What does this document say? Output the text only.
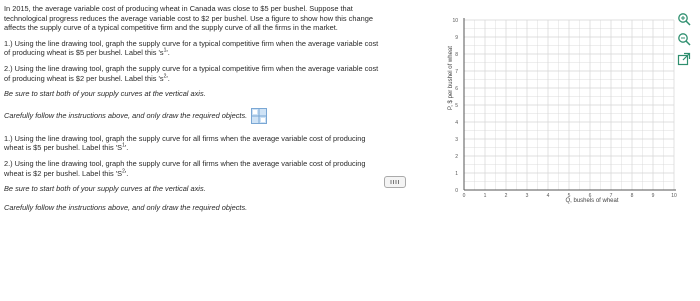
In 2015, the average variable cost of producing wheat in Canada was close to $5 per bushel. Suppose that technological progress reduces the average variable cost to $2 per bushel. Use a figure to show how this change affects the supply curve of a typical competitive firm and the supply curve of all the firms in the market.

1.) Using the line drawing tool, graph the supply curve for a typical competitive firm when the average variable cost of producing wheat is $5 per bushel. Label this '$s^1$'.

2.) Using the line drawing tool, graph the supply curve for a typical competitive firm when the average variable cost of producing wheat is $2 per bushel. Label this '$s^2$'.

Be sure to start both of your supply curves at the vertical axis.

Carefully follow the instructions above, and only draw the required objects.

1.) Using the line drawing tool, graph the supply curve for all firms when the average variable cost of producing wheat is $5 per bushel. Label this '$S^1$'.

2.) Using the line drawing tool, graph the supply curve for all firms when the average variable cost of producing wheat is $2 per bushel. Label this '$S^2$'.

Be sure to start both of your supply curves at the vertical axis.

Carefully follow the instructions above, and only draw the required objects.

P, $ per bushel of wheat
0
1
2
3
4
5
6
7
8
9
10
0	1	2	3	4	5	6	7	8	9	10
Q, bushels of wheat
